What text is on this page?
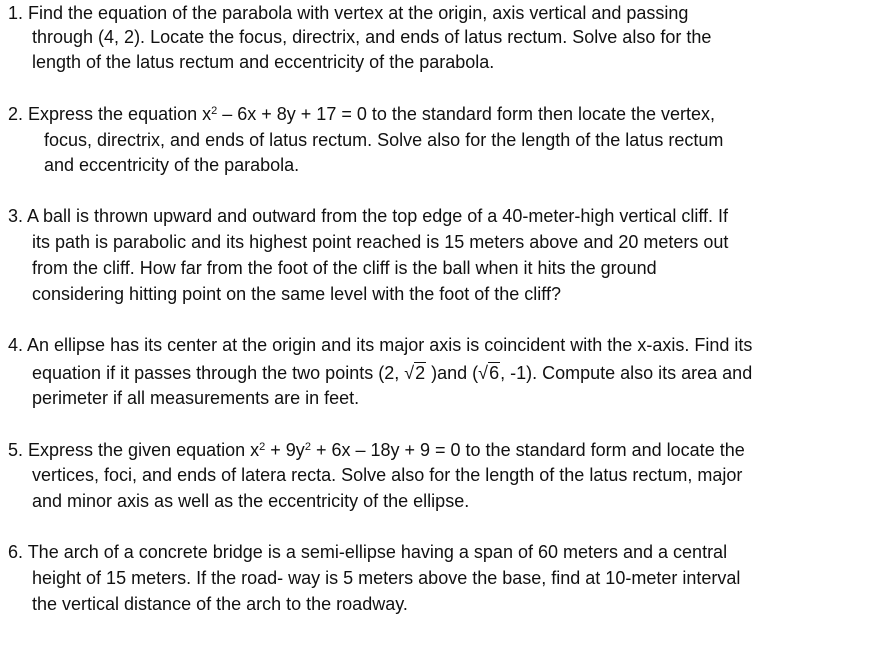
1. Find the equation of the parabola with vertex at the origin, axis vertical and passing
through (4, 2). Locate the focus, directrix, and ends of latus rectum. Solve also for the
length of the latus rectum and eccentricity of the parabola.
2. Express the equation $x^2 - 6x + 8y + 17 = 0$ to the standard form then locate the vertex,
focus, directrix, and ends of latus rectum. Solve also for the length of the latus rectum
and eccentricity of the parabola.
3. A ball is thrown upward and outward from the top edge of a 40-meter-high vertical cliff. If
its path is parabolic and its highest point reached is 15 meters above and 20 meters out
from the cliff. How far from the foot of the cliff is the ball when it hits the ground
considering hitting point on the same level with the foot of the cliff?
4. An ellipse has its center at the origin and its major axis is coincident with the x-axis. Find its
equation if it passes through the two points (2, √2 )and (√6, -1). Compute also its area and
perimeter if all measurements are in feet.
5. Express the given equation $x^2 + 9y^2 + 6x - 18y + 9 = 0$ to the standard form and locate the
vertices, foci, and ends of latera recta. Solve also for the length of the latus rectum, major
and minor axis as well as the eccentricity of the ellipse.
6. The arch of a concrete bridge is a semi-ellipse having a span of 60 meters and a central
height of 15 meters. If the road- way is 5 meters above the base, find at 10-meter interval
the vertical distance of the arch to the roadway.
